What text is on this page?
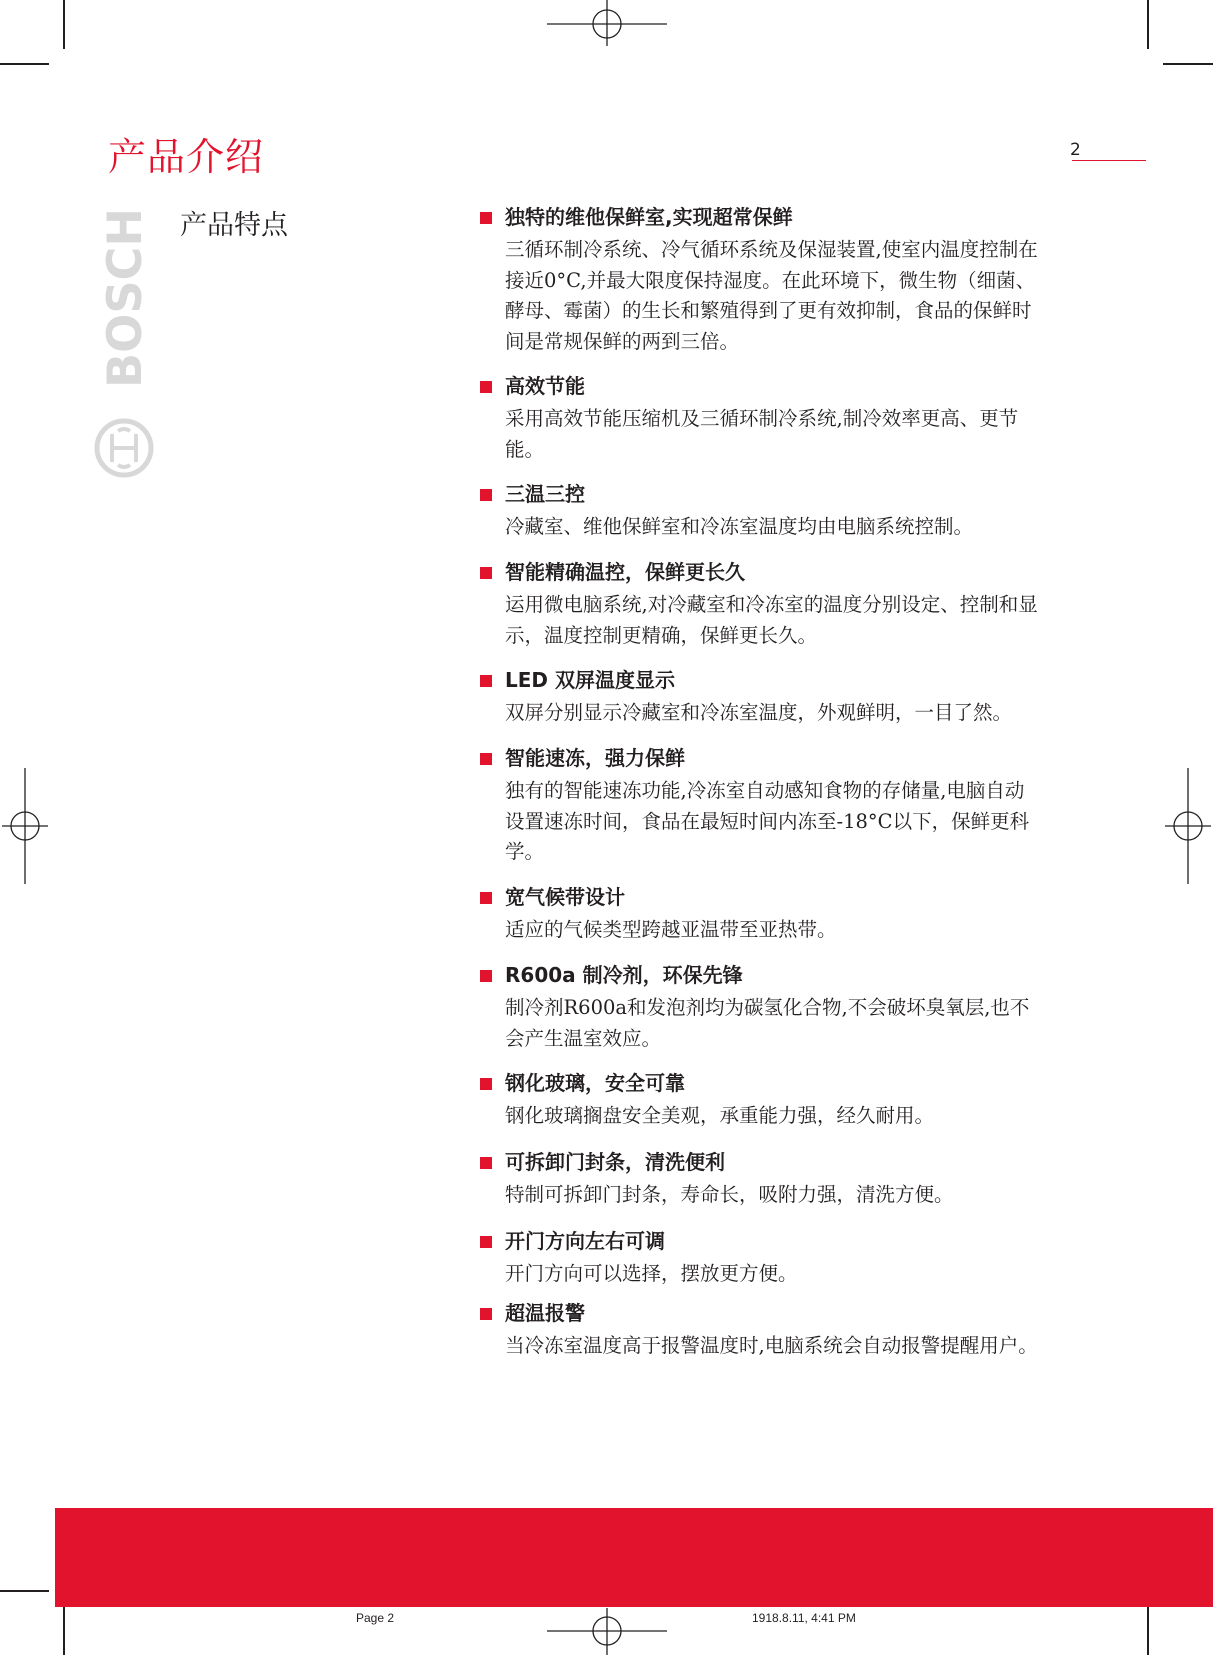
产品介绍	2
BOSCH 产品特点	独特的维他保鲜室,实现超常保鲜

三循环制冷系统、冷气循环系统及保湿装置,使室内温度控制在接近0°C,并最大限度保持湿度。在此环境下，微生物（细菌、酵母、霉菌）的生长和繁殖得到了更有效抑制，食品的保鲜时间是常规保鲜的两到三倍。

高效节能

采用高效节能压缩机及三循环制冷系统,制冷效率更高、更节能。

三温三控

冷藏室、维他保鲜室和冷冻室温度均由电脑系统控制。

智能精确温控，保鲜更长久

运用微电脑系统,对冷藏室和冷冻室的温度分别设定、控制和显示，温度控制更精确，保鲜更长久。

LED 双屏温度显示

双屏分别显示冷藏室和冷冻室温度，外观鲜明，一目了然。

智能速冻，强力保鲜

独有的智能速冻功能,冷冻室自动感知食物的存储量,电脑自动设置速冻时间，食品在最短时间内冻至-18°C以下，保鲜更科学。

宽气候带设计

适应的气候类型跨越亚温带至亚热带。

R600a 制冷剂，环保先锋

制冷剂R600a和发泡剂均为碳氢化合物,不会破坏臭氧层,也不会产生温室效应。

钢化玻璃，安全可靠

钢化玻璃搁盘安全美观，承重能力强，经久耐用。

可拆卸门封条，清洗便利

特制可拆卸门封条，寿命长，吸附力强，清洗方便。

开门方向左右可调

开门方向可以选择，摆放更方便。

超温报警

当冷冻室温度高于报警温度时,电脑系统会自动报警提醒用户。

Page 2	1918.8.11, 4:41 PM
